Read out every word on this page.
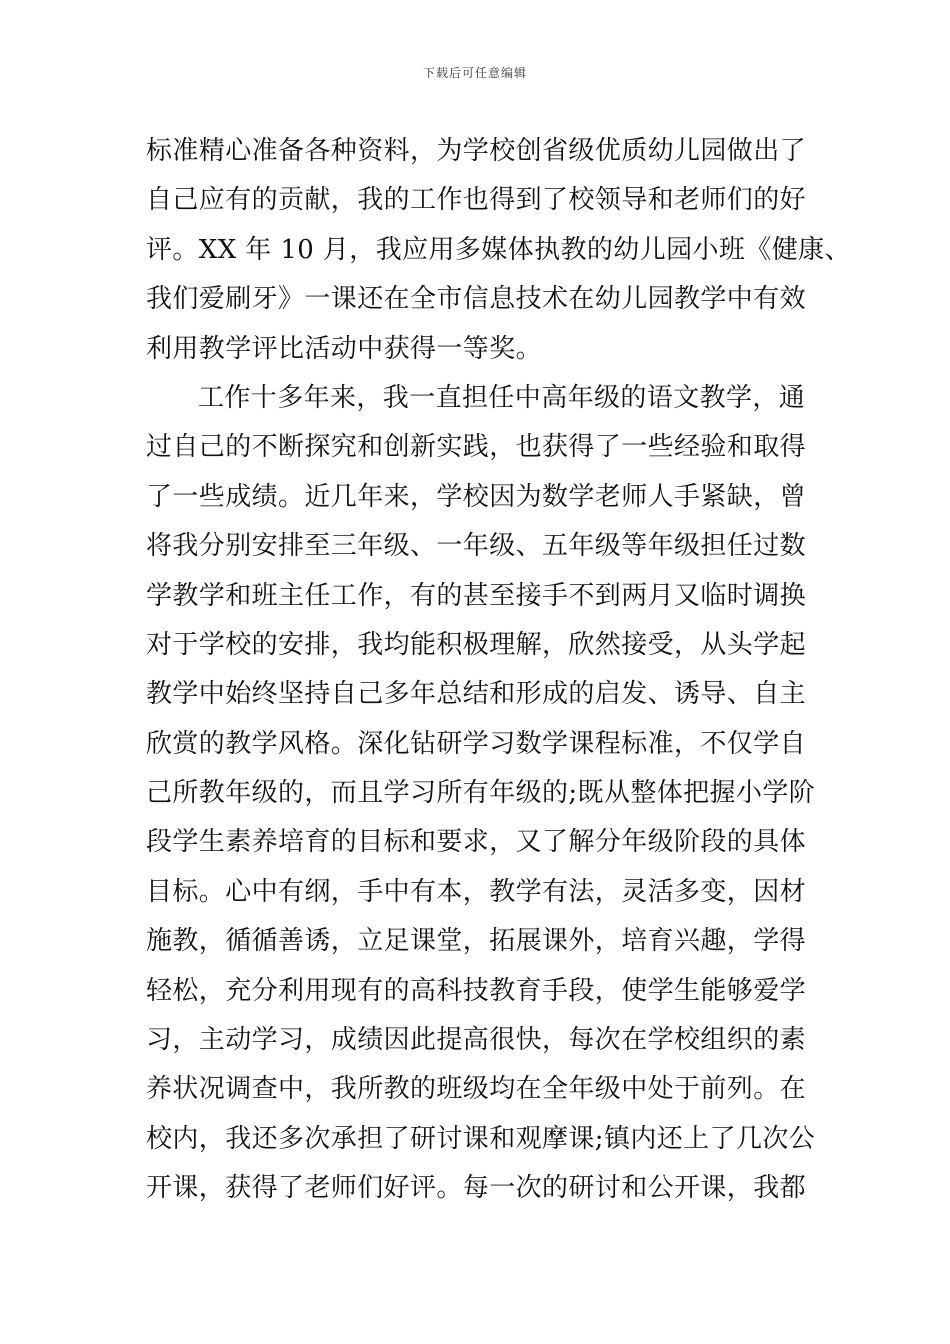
下载后可任意编辑
标准精心准备各种资料，为学校创省级优质幼儿园做出了
自己应有的贡献，我的工作也得到了校领导和老师们的好
评。XX 年 10 月，我应用多媒体执教的幼儿园小班《健康、
我们爱刷牙》一课还在全市信息技术在幼儿园教学中有效
利用教学评比活动中获得一等奖。
工作十多年来，我一直担任中高年级的语文教学，通
过自己的不断探究和创新实践，也获得了一些经验和取得
了一些成绩。近几年来，学校因为数学老师人手紧缺，曾
将我分别安排至三年级、一年级、五年级等年级担任过数
学教学和班主任工作，有的甚至接手不到两月又临时调换
对于学校的安排，我均能积极理解，欣然接受，从头学起
教学中始终坚持自己多年总结和形成的启发、诱导、自主
欣赏的教学风格。深化钻研学习数学课程标准，不仅学自
己所教年级的，而且学习所有年级的;既从整体把握小学阶
段学生素养培育的目标和要求，又了解分年级阶段的具体
目标。心中有纲，手中有本，教学有法，灵活多变，因材
施教，循循善诱，立足课堂，拓展课外，培育兴趣，学得
轻松，充分利用现有的高科技教育手段，使学生能够爱学
习，主动学习，成绩因此提高很快，每次在学校组织的素
养状况调查中，我所教的班级均在全年级中处于前列。在
校内，我还多次承担了研讨课和观摩课;镇内还上了几次公
开课，获得了老师们好评。每一次的研讨和公开课，我都
